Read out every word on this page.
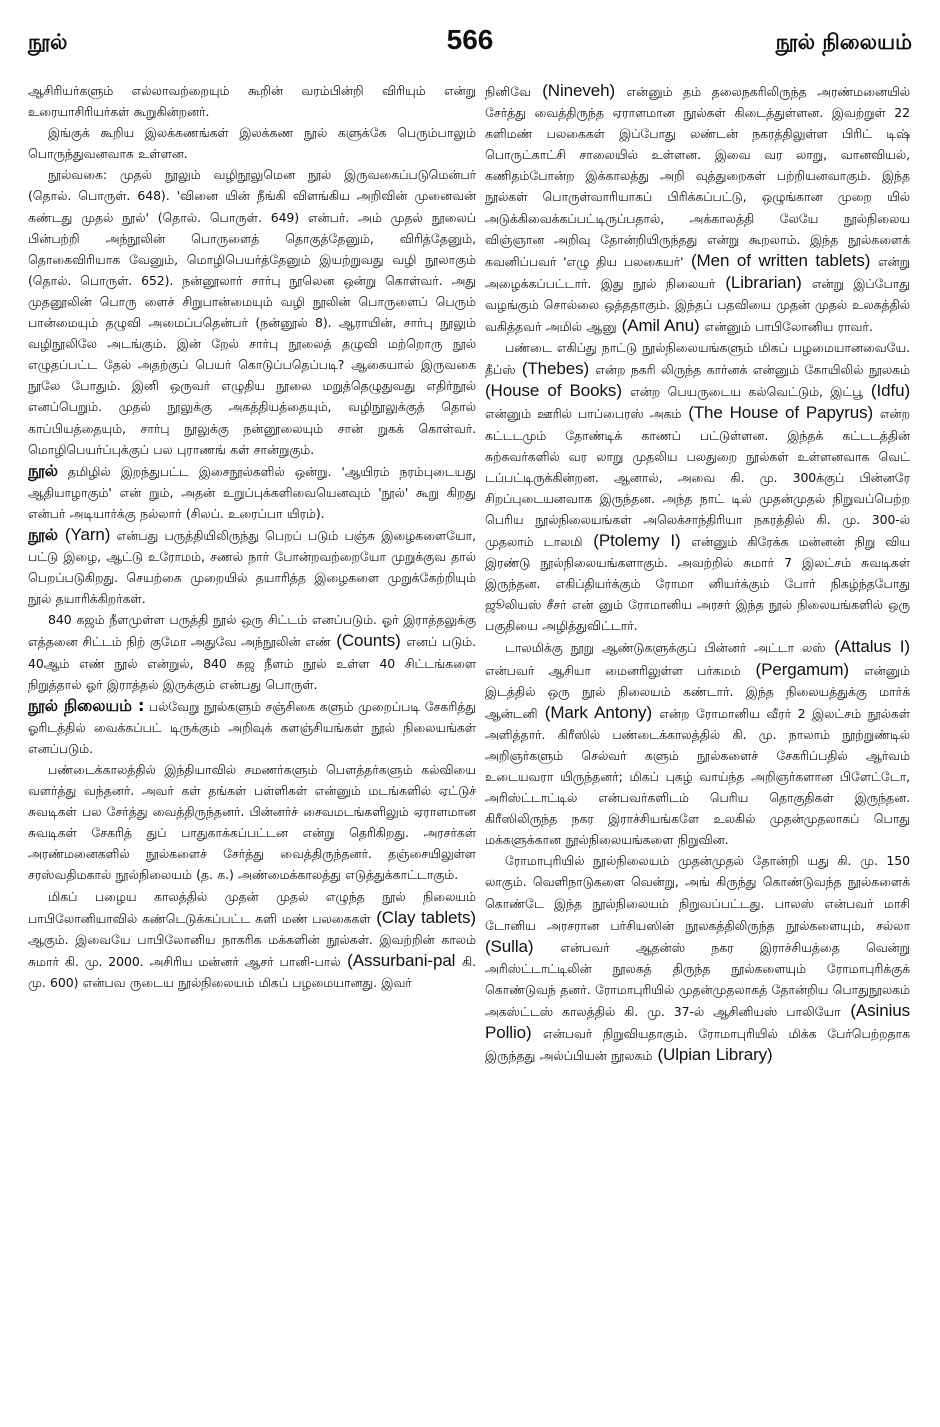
நூல்	566	நூல் நிலையம்

ஆசிரியர்களும் எல்லாவற்றையும் கூறின் வரம்பின்றி விரியும் என்று உரையாசிரியர்கள் கூறுகின்றனர்.

இங்குக் கூறிய இலக்கணங்கள் இலக்கண நூல் களுக்கே பெரும்பாலும் பொருந்துவனவாக உள்ளன.

நூல்வகை: முதல் நூலும் வழிநூலுமென நூல் இருவகைப்படுமென்பர் (தொல். பொருள். 648). 'வினை யின் நீங்கி விளங்கிய அறிவின் முனைவன் கண்டது முதல் நூல்' (தொல். பொருள். 649) என்பர். அம் முதல் நூலைப் பின்பற்றி அந்நூலின் பொருளைத் தொகுத்தேனும், விரித்தேனும், தொகைவிரியாக வேனும், மொழிபெயர்த்தேனும் இயற்றுவது வழி நூலாகும் (தொல். பொருள். 652). நன்னூலார் சார்பு நூலென ஒன்று கொள்வர். அது முதனூலின் பொரு ளைச் சிறுபான்மையும் வழி நூலின் பொருளைப் பெரும் பான்மையும் தழுவி அமைப்பதென்பர் (நன்னூல் 8). ஆராயின், சார்பு நூலும் வழிநூலிலே அடங்கும். இன் றேல் சார்பு நூலைத் தழுவி மற்றொரு நூல் எழுதப்பட்ட தேல் அதற்குப் பெயர் கொடுப்பதெப்படி? ஆகையால் இருவகை நூலே போதும். இனி ஒருவர் எழுதிய நூலை மறுத்தெழுதுவது எதிர்நூல் எனப்பெறும். முதல் நூலுக்கு அகத்தியத்தையும், வழிநூலுக்குத் தொல் காப்பியத்தையும், சார்பு நூலுக்கு நன்னூலையும் சான் றுகக் கொள்வர். மொழிபெயர்ப்புக்குப் பல புராணங் கள் சான்றுகும்.

நூல் தமிழில் இறந்துபட்ட இசைநூல்களில் ஒன்று. 'ஆயிரம் நரம்புடையது ஆதியாழாகும்' என் றும், அதன் உறுப்புக்களிவையெனவும் 'நூல்' கூறு கிறது என்பர் அடியார்க்கு நல்லார் (சிலப். உரைப்பா யிரம்).

நூல் (Yarn) என்பது பருத்தியிலிருந்து பெறப் படும் பஞ்சு இழைகளையோ, பட்டு இழை, ஆட்டு உரோமம், சணல் நார் போன்றவற்றையோ முறுக்குவ தால் பெறப்படுகிறது. செயற்கை முறையில் தயாரித்த இழைகளை முறுக்கேற்றியும் நூல் தயாரிக்கிறர்கள்.

840 கஜம் நீளமுள்ள பருத்தி நூல் ஒரு சிட்டம் எனப்படும். ஓர் இராத்தலுக்கு எத்தனை சிட்டம் நிற் குமோ அதுவே அந்நூலின் எண் (Counts) எனப் படும். 40ஆம் எண் நூல் என்றுல், 840 கஜ நீளம் நூல் உள்ள 40 சிட்டங்களை நிறுத்தால் ஓர் இராத்தல் இருக்கும் என்பது பொருள்.

நூல் நிலையம் : பல்வேறு நூல்களும் சஞ்சிகை களும் முறைப்படி சேகரித்து ஓரிடத்தில் வைக்கப்பட் டிருக்கும் அறிவுக் களஞ்சியங்கள் நூல் நிலையங்கள் எனப்படும்.

பண்டைக்காலத்தில் இந்தியாவில் சமணர்களும் பௌத்தர்களும் கல்வியை வளர்த்து வந்தனர். அவர் கள் தங்கள் பள்ளிகள் என்னும் மடங்களில் ஏட்டுச் சுவடிகள் பல சேர்த்து வைத்திருந்தனர். பின்னர்ச் சைவமடங்களிலும் ஏராளமான சுவடிகள் சேகரித் துப் பாதுகாக்கப்பட்டன என்று தெரிகிறது. அரசர்கள் அரண்மனைகளில் நூல்களைச் சேர்த்து வைத்திருந்தனர். தஞ்சையிலுள்ள சரஸ்வதிமகால் நூல்நிலையம் (த. க.) அண்மைக்காலத்து எடுத்துக்காட்டாகும்.

மிகப் பழைய காலத்தில் முதன் முதல் எழுந்த நூல் நிலையம் பாபிலோனியாவில் கண்டெடுக்கப்பட்ட களி மண் பலகைகள் (Clay tablets) ஆகும். இவையே பாபிலோனிய நாகரிக மக்களின் நூல்கள். இவற்றின் காலம் சுமார் கி. மு. 2000. அசிரிய மன்னர் ஆசர் பானி-பால் (Assurbani-pal கி. மு. 600) என்பவ ருடைய நூல்நிலையம் மிகப் பழமையானது. இவர்

நினிவே (Nineveh) என்னும் தம் தலைநகரிலிருந்த அரண்மனையில் சேர்த்து வைத்திருந்த ஏராளமான நூல்கள் கிடைத்துள்ளன. இவற்றுள் 22 களிமண் பலகைகள் இப்போது லண்டன் நகரத்திலுள்ள பிரிட் டிஷ் பொருட்காட்சி சாலையில் உள்ளன. இவை வர லாறு, வானவியல், கணிதம்போன்ற இக்காலத்து அறி வுத்துறைகள் பற்றியனவாகும். இந்த நூல்கள் பொருள்வாரியாகப் பிரிக்கப்பட்டு, ஒழுங்கான முறை யில் அடுக்கிவைக்கப்பட்டிருப்பதால், அக்காலத்தி லேயே நூல்நிலைய விஞ்ஞான அறிவு தோன்றியிருந்தது என்று கூறலாம். இந்த நூல்களைக் கவனிப்பவர் 'எழு திய பலகையர்' (Men of written tablets) என்று அழைக்கப்பட்டார். இது நூல் நிலையர் (Librarian) என்று இப்போது வழங்கும் சொல்லை ஒத்ததாகும். இந்தப் பதவியை முதன் முதல் உலகத்தில் வகித்தவர் அமில் ஆனு (Amil Anu) என்னும் பாபிலோனிய ராவர்.

பண்டை எகிப்து நாட்டு நூல்நிலையங்களும் மிகப் பழமையானவையே. தீப்ஸ் (Thebes) என்ற நகரி லிருந்த கார்னக் என்னும் கோயிலில் நூலகம் (House of Books) என்ற பெயருடைய கல்வெட்டும், இட்பூ (Idfu) என்னும் ஊரில் பாப்பைரஸ் அகம் (The House of Papyrus) என்ற கட்டடமும் தோண்டிக் காணப் பட்டுள்ளன. இந்தக் கட்டடத்தின் சுற்சுவர்களில் வர லாறு முதலிய பலதுறை நூல்கள் உள்ளனவாக வெட் டப்பட்டிருக்கின்றன. ஆனால், அவை கி. மு. 300க்குப் பின்னரே சிறப்புடையனவாக இருந்தன. அந்த நாட் டில் முதன்முதல் நிறுவப்பெற்ற பெரிய நூல்நிலையங்கள் அலெக்சாந்திரியா நகரத்தில் கி. மு. 300-ல் முதலாம் டாலமி (Ptolemy I) என்னும் கிரேக்க மன்னன் நிறு விய இரண்டு நூல்நிலையங்களாகும். அவற்றில் சுமார் 7 இலட்சம் சுவடிகள் இருந்தன. எகிப்தியர்க்கும் ரோமா னியர்க்கும் போர் நிகழ்ந்தபோது ஜூலியஸ் சீசர் என் னும் ரோமானிய அரசர் இந்த நூல் நிலையங்களில் ஒரு பகுதியை அழித்துவிட்டார்.

டாலமிக்கு நூறு ஆண்டுகளுக்குப் பின்னர் அட்டா லஸ் (Attalus I) என்பவர் ஆசியா மைனரிலுள்ள பர்கமம் (Pergamum) என்னும் இடத்தில் ஒரு நூல் நிலையம் கண்டார். இந்த நிலையத்துக்கு மார்க் ஆன்டனி (Mark Antony) என்ற ரோமானிய வீரர் 2 இலட்சம் நூல்கள் அளித்தார். கிரீஸில் பண்டைக்காலத்தில் கி. மு. நாலாம் நூற்றுண்டில் அறிஞர்களும் செல்வர் களும் நூல்களைச் சேகரிப்பதில் ஆர்வம் உடையவரா யிருந்தனர்; மிகப் புகழ் வாய்ந்த அறிஞர்களான பிளேட்டோ, அரிஸ்ட்டாட்டில் என்பவர்களிடம் பெரிய தொகுதிகள் இருந்தன. கிரீஸிலிருந்த நகர இராச்சியங்களே உலகில் முதன்முதலாகப் பொது மக்களுக்கான நூல்நிலையங்களை நிறுவின.

ரோமாபுரியில் நூல்நிலையம் முதன்முதல் தோன்றி யது கி. மு. 150 லாகும். வெளிநாடுகளை வென்று, அங் கிருந்து கொண்டுவந்த நூல்களைக் கொண்டே இந்த நூல்நிலையம் நிறுவப்பட்டது. பாலஸ் என்பவர் மாசி டோனிய அரசரான பர்சியஸின் நூலகத்திலிருந்த நூல்களையும், சல்லா (Sulla) என்பவர் ஆதன்ஸ் நகர இராச்சியத்தை வென்று அரிஸ்ட்டாட்டிலின் நூலகத் திருந்த நூல்களையும் ரோமாபுரிக்குக் கொண்டுவந் தனர். ரோமாபுரியில் முதன்முதலாகத் தோன்றிய பொதுநூலகம் அகஸ்ட்டஸ் காலத்தில் கி. மு. 37-ல் ஆசினியஸ் பாலியோ (Asinius Pollio) என்பவர் நிறுவியதாகும். ரோமாபுரியில் மிக்க பேர்பெற்றதாக இருந்தது அல்ப்பியன் நூலகம் (Ulpian Library)
